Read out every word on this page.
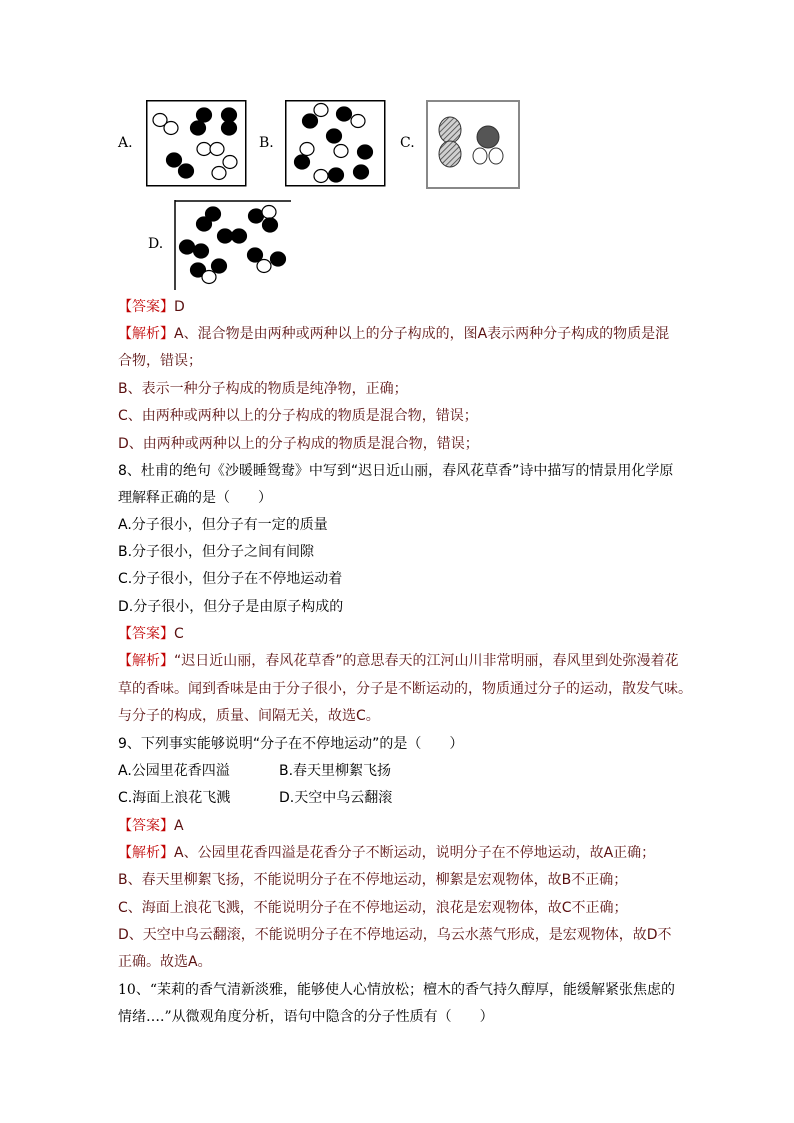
A.	B.	C.
D.
【答案】D
【解析】A、混合物是由两种或两种以上的分子构成的，图A表示两种分子构成的物质是混
合物，错误；
B、表示一种分子构成的物质是纯净物，正确；
C、由两种或两种以上的分子构成的物质是混合物，错误；
D、由两种或两种以上的分子构成的物质是混合物，错误；
8、杜甫的绝句《沙暖睡鸳鸯》中写到“迟日近山丽，春风花草香”诗中描写的情景用化学原
理解释正确的是（　　）
A.分子很小，但分子有一定的质量
B.分子很小，但分子之间有间隙
C.分子很小，但分子在不停地运动着
D.分子很小，但分子是由原子构成的
【答案】C
【解析】“迟日近山丽，春风花草香”的意思春天的江河山川非常明丽，春风里到处弥漫着花
草的香味。闻到香味是由于分子很小，分子是不断运动的，物质通过分子的运动，散发气味。
与分子的构成，质量、间隔无关，故选C。
9、下列事实能够说明“分子在不停地运动”的是（　　）
A.公园里花香四溢	B.春天里柳絮飞扬
C.海面上浪花飞溅	D.天空中乌云翻滚
【答案】A
【解析】A、公园里花香四溢是花香分子不断运动，说明分子在不停地运动，故A正确；
B、春天里柳絮飞扬，不能说明分子在不停地运动，柳絮是宏观物体，故B不正确；
C、海面上浪花飞溅，不能说明分子在不停地运动，浪花是宏观物体，故C不正确；
D、天空中乌云翻滚，不能说明分子在不停地运动，乌云水蒸气形成，是宏观物体，故D不
正确。故选A。
10、“茉莉的香气清新淡雅，能够使人心情放松；檀木的香气持久醇厚，能缓解紧张焦虑的
情绪….”从微观角度分析，语句中隐含的分子性质有（　　）
